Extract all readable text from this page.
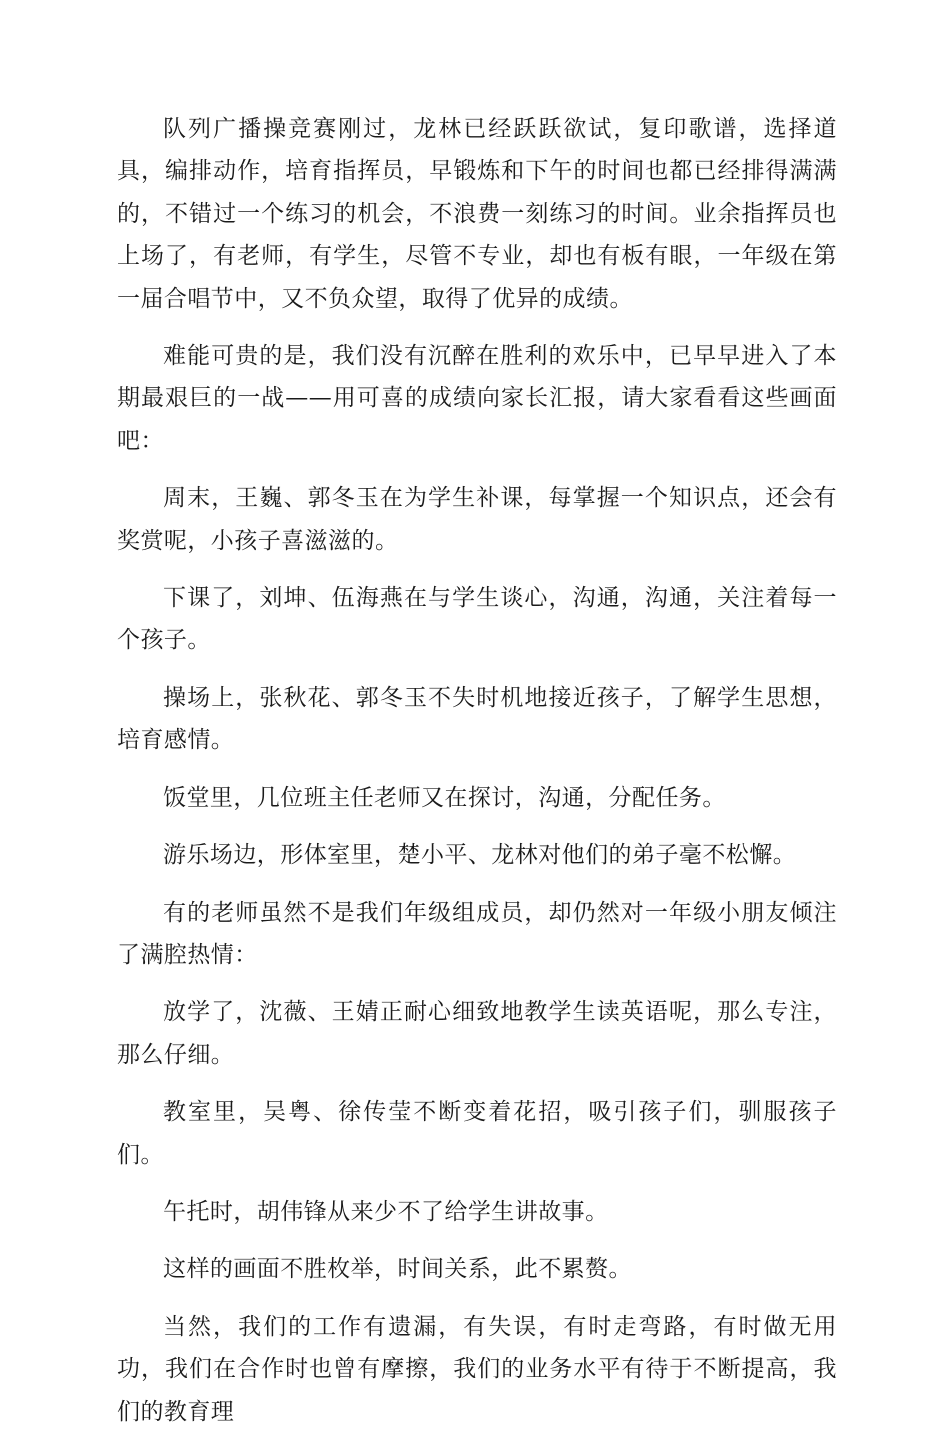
队列广播操竞赛刚过，龙林已经跃跃欲试，复印歌谱，选择道具，编排动作，培育指挥员，早锻炼和下午的时间也都已经排得满满的，不错过一个练习的机会，不浪费一刻练习的时间。业余指挥员也上场了，有老师，有学生，尽管不专业，却也有板有眼，一年级在第一届合唱节中，又不负众望，取得了优异的成绩。

难能可贵的是，我们没有沉醉在胜利的欢乐中，已早早进入了本期最艰巨的一战——用可喜的成绩向家长汇报，请大家看看这些画面吧：

周末，王巍、郭冬玉在为学生补课，每掌握一个知识点，还会有奖赏呢，小孩子喜滋滋的。

下课了，刘坤、伍海燕在与学生谈心，沟通，沟通，关注着每一个孩子。

操场上，张秋花、郭冬玉不失时机地接近孩子，了解学生思想，培育感情。

饭堂里，几位班主任老师又在探讨，沟通，分配任务。

游乐场边，形体室里，楚小平、龙林对他们的弟子毫不松懈。

有的老师虽然不是我们年级组成员，却仍然对一年级小朋友倾注了满腔热情：

放学了，沈薇、王婧正耐心细致地教学生读英语呢，那么专注，那么仔细。

教室里，吴粤、徐传莹不断变着花招，吸引孩子们，驯服孩子们。

午托时，胡伟锋从来少不了给学生讲故事。

这样的画面不胜枚举，时间关系，此不累赘。

当然，我们的工作有遗漏，有失误，有时走弯路，有时做无用功，我们在合作时也曾有摩擦，我们的业务水平有待于不断提高，我们的教育理
